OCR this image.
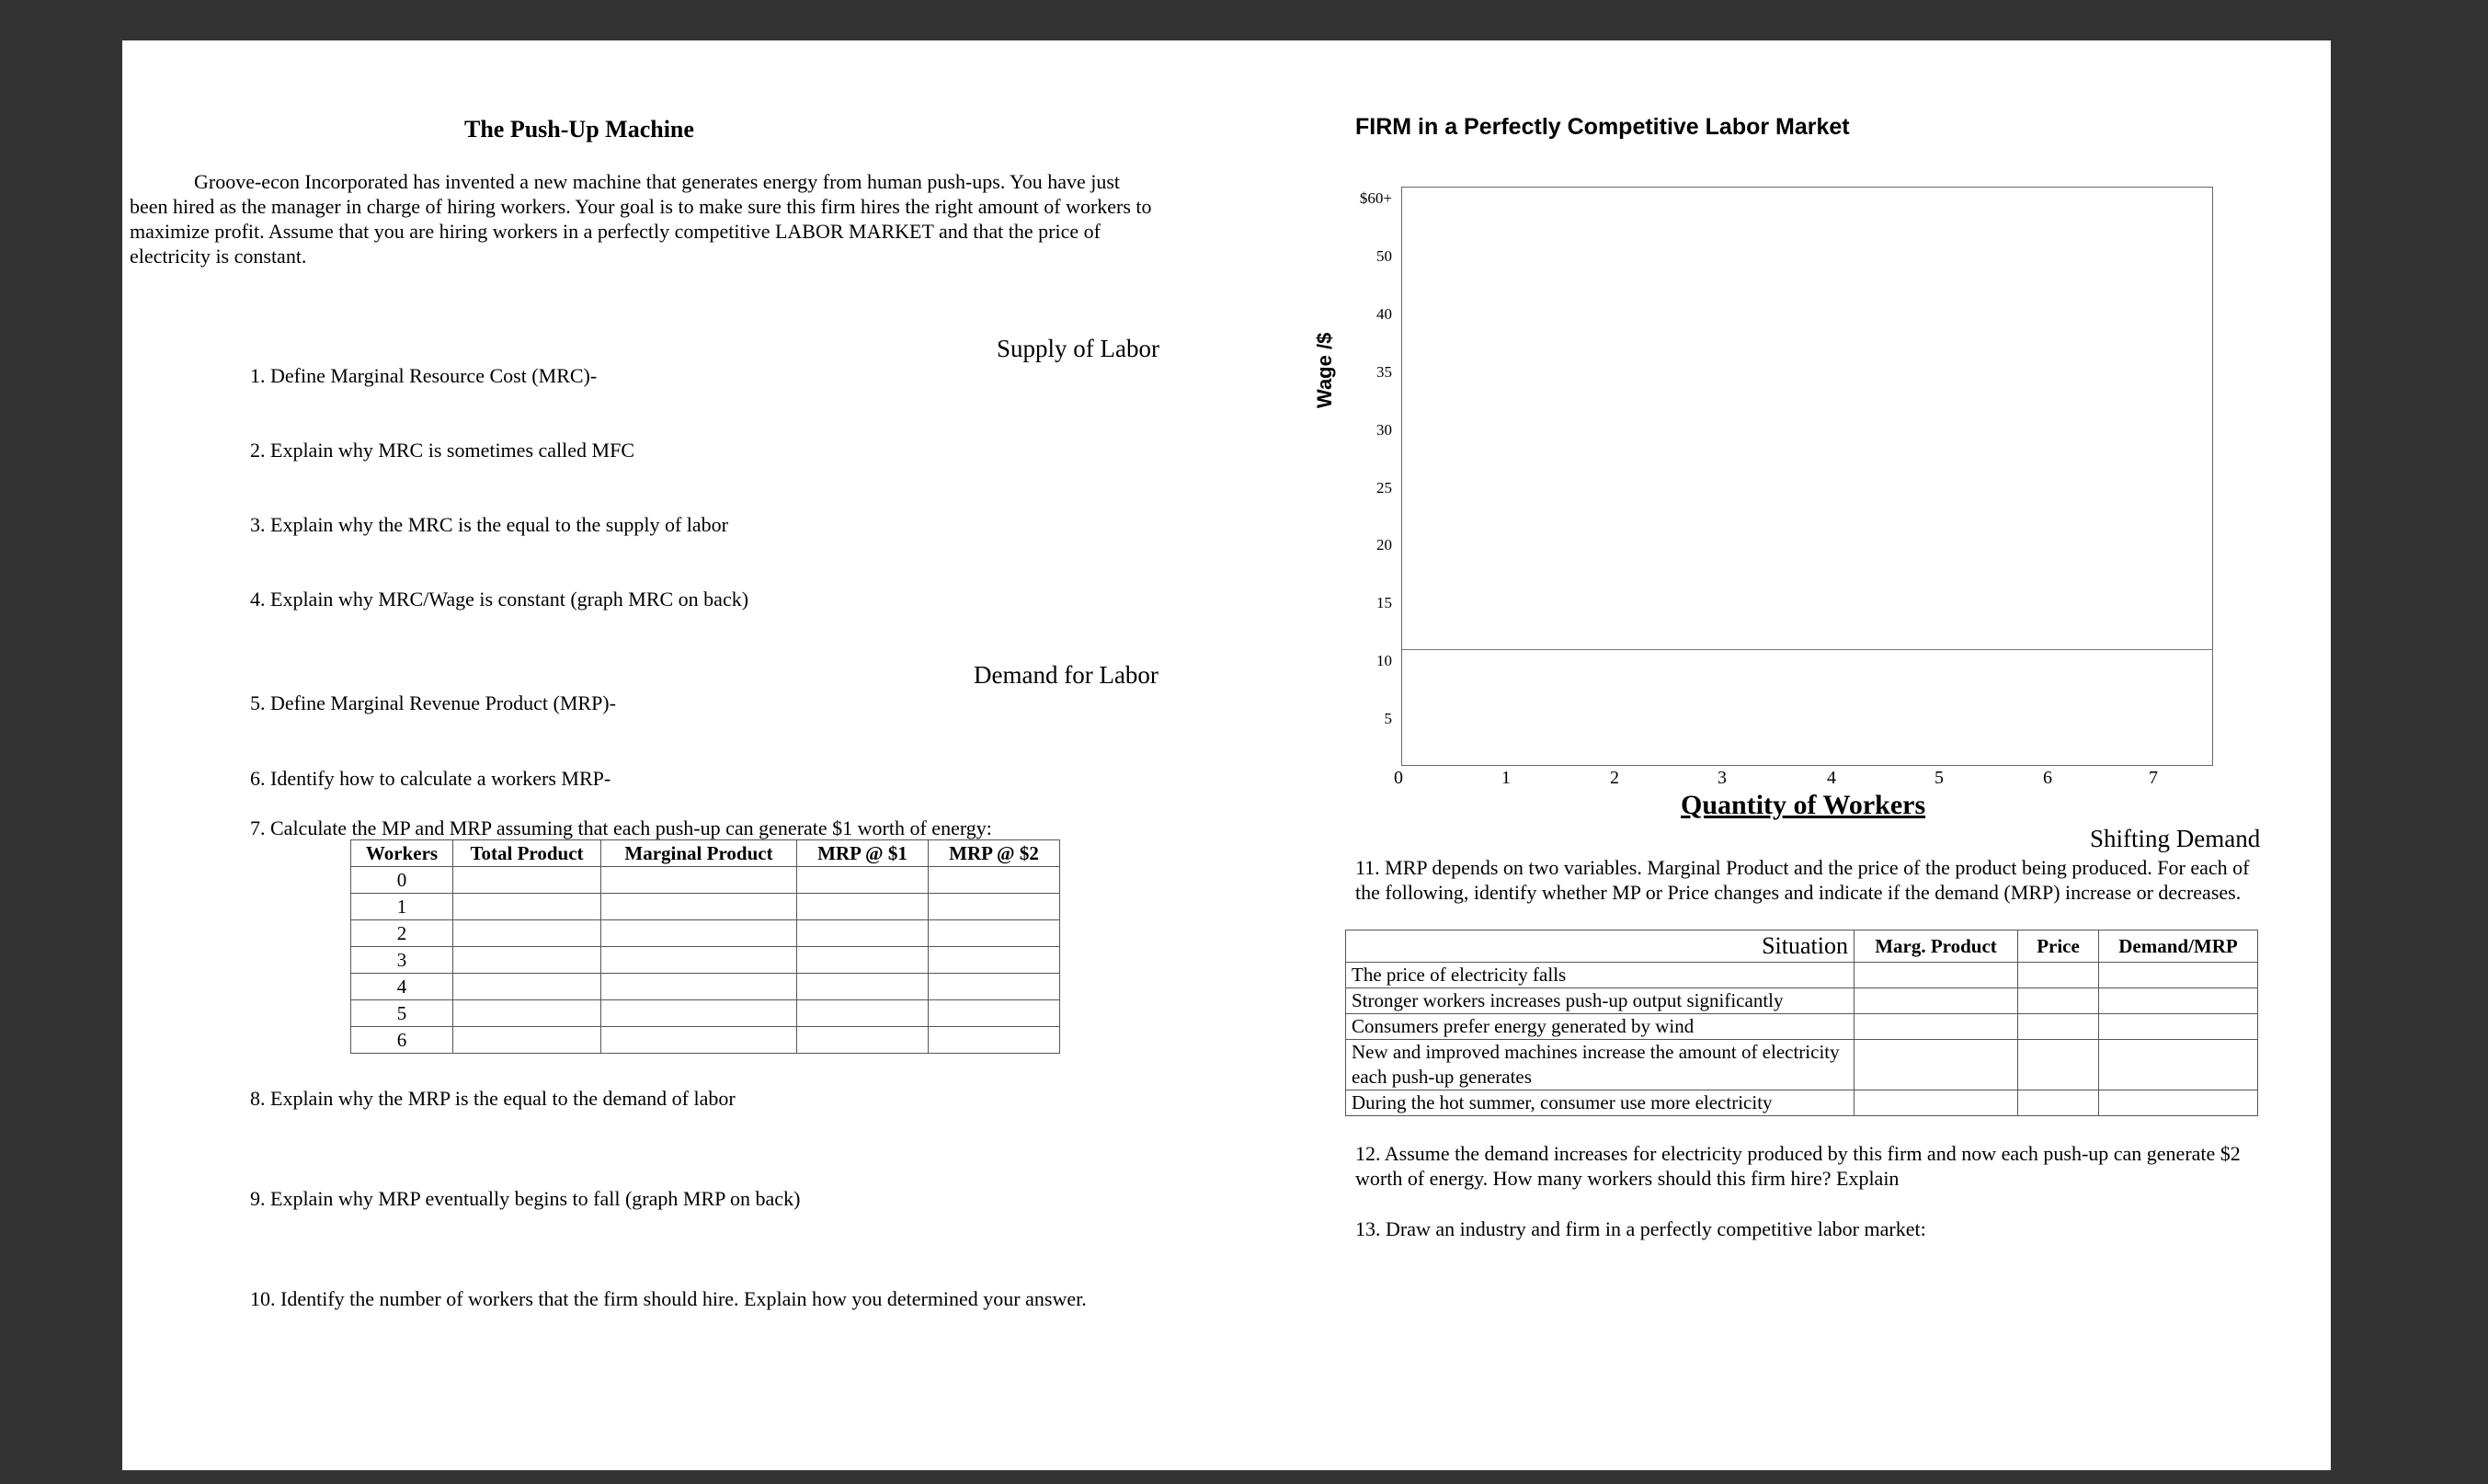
The Push-Up Machine
Groove-econ Incorporated has invented a new machine that generates energy from human push-ups. You have just been hired as the manager in charge of hiring workers. Your goal is to make sure this firm hires the right amount of workers to maximize profit. Assume that you are hiring workers in a perfectly competitive LABOR MARKET and that the price of electricity is constant.
1. Define Marginal Resource Cost (MRC)-
Supply of Labor
2. Explain why MRC is sometimes called MFC
3. Explain why the MRC is the equal to the supply of labor
4. Explain why MRC/Wage is constant (graph MRC on back)
Demand for Labor
5. Define Marginal Revenue Product (MRP)-
6. Identify how to calculate a workers MRP-
7. Calculate the MP and MRP assuming that each push-up can generate $1 worth of energy:
Workers	Total Product	Marginal Product	MRP @ $1	MRP @ $2
0				
1				
2				
3				
4				
5				
6				
8. Explain why the MRP is the equal to the demand of labor
9. Explain why MRP eventually begins to fall (graph MRP on back)
10. Identify the number of workers that the firm should hire. Explain how you determined your answer.
FIRM in a Perfectly Competitive Labor Market
Wage /$
$60+
50
40
35
30
25
20
15
10
5
0	1	2	3	4	5	6	7
Quantity of Workers
Shifting Demand
11. MRP depends on two variables. Marginal Product and the price of the product being produced. For each of the following, identify whether MP or Price changes and indicate if the demand (MRP) increase or decreases.
Situation	Marg. Product	Price	Demand/MRP
The price of electricity falls			
Stronger workers increases push-up output significantly			
Consumers prefer energy generated by wind			
New and improved machines increase the amount of electricity each push-up generates			
During the hot summer, consumer use more electricity			
12. Assume the demand increases for electricity produced by this firm and now each push-up can generate $2 worth of energy. How many workers should this firm hire? Explain
13. Draw an industry and firm in a perfectly competitive labor market:
